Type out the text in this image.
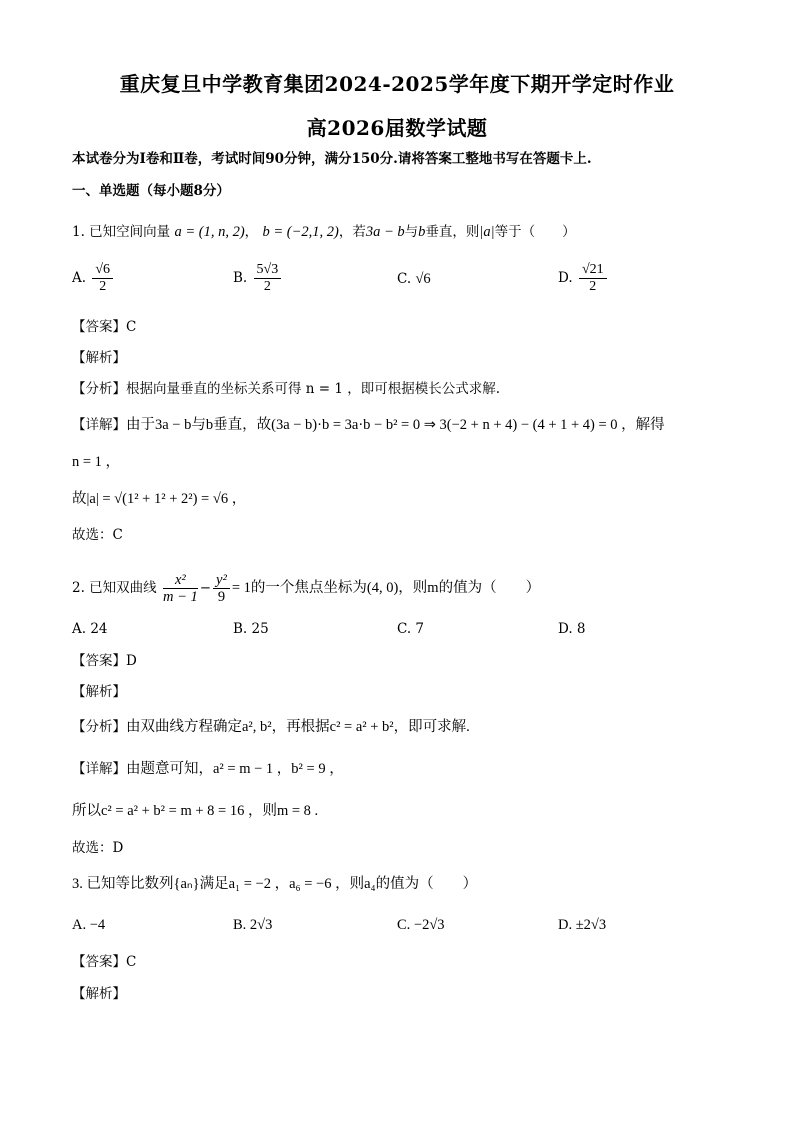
重庆复旦中学教育集团2024-2025学年度下期开学定时作业
高2026届数学试题
本试卷分为Ⅰ卷和Ⅱ卷，考试时间90分钟，满分150分.请将答案工整地书写在答题卡上.
一、单选题（每小题8分）
1. 已知空间向量 a = (1, n, 2)， b = (−2,1, 2)，若3a − b与b垂直，则|a|等于（　　）
A. $\frac{√6}{2}$	B. $\frac{5√3}{2}$	C. √6	D. $\frac{√21}{2}$
【答案】C
【解析】
【分析】根据向量垂直的坐标关系可得 n = 1 ，即可根据模长公式求解.
【详解】由于3a − b与b垂直，故(3a − b)·b = 3a·b − b² = 0 ⇒ 3(−2 + n + 4) − (4 + 1 + 4) = 0 ，解得
n = 1 ，
故|a| = √(1² + 1² + 2²) = √6 ，
故选：C
2. 已知双曲线 $\frac{\text{x²}}{m - 1} - \frac{\text{y²}}{9} = 1$的一个焦点坐标为(4, 0)，则m的值为（　　）
A. 24	B. 25	C. 7	D. 8
【答案】D
【解析】
【分析】由双曲线方程确定a², b²，再根据c² = a² + b²，即可求解.
【详解】由题意可知，a² = m − 1 ，b² = 9 ，
所以c² = a² + b² = m + 8 = 16 ，则m = 8 .
故选：D
3. 已知等比数列{aₙ}满足a₁ = −2 ，a₆ = −6 ，则a₄的值为（　　）
A. −4	B. 2√3	C. −2√3	D. ±2√3
【答案】C
【解析】
